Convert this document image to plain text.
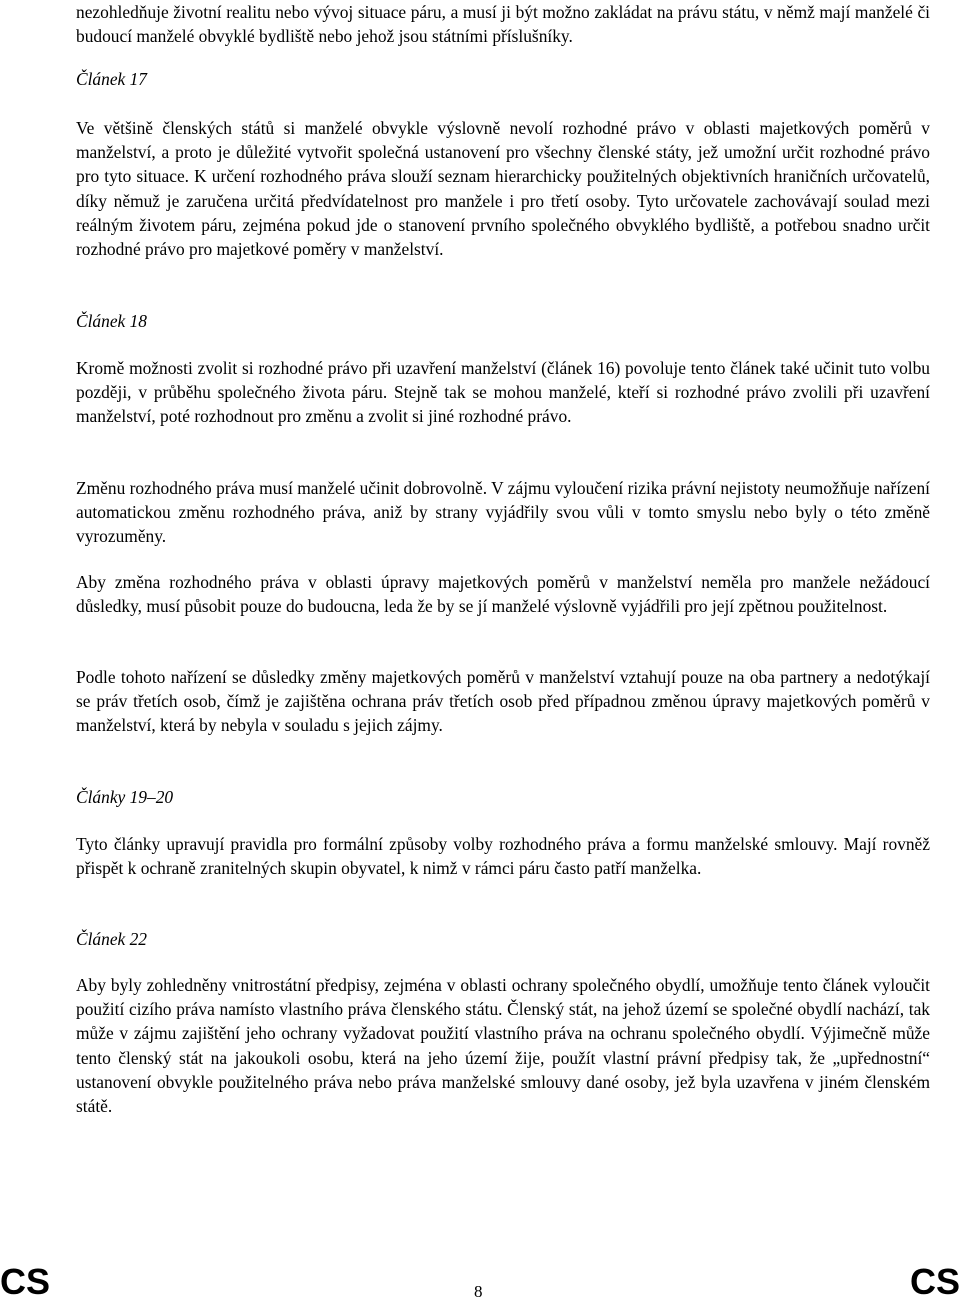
nezohledňuje životní realitu nebo vývoj situace páru, a musí ji být možno zakládat na právu státu, v němž mají manželé či budoucí manželé obvyklé bydliště nebo jehož jsou státními příslušníky.

Článek 17

Ve většině členských států si manželé obvykle výslovně nevolí rozhodné právo v oblasti majetkových poměrů v manželství, a proto je důležité vytvořit společná ustanovení pro všechny členské státy, jež umožní určit rozhodné právo pro tyto situace. K určení rozhodného práva slouží seznam hierarchicky použitelných objektivních hraničních určovatelů, díky němuž je zaručena určitá předvídatelnost pro manžele i pro třetí osoby. Tyto určovatele zachovávají soulad mezi reálným životem páru, zejména pokud jde o stanovení prvního společného obvyklého bydliště, a potřebou snadno určit rozhodné právo pro majetkové poměry v manželství.

Článek 18

Kromě možnosti zvolit si rozhodné právo při uzavření manželství (článek 16) povoluje tento článek také učinit tuto volbu později, v průběhu společného života páru. Stejně tak se mohou manželé, kteří si rozhodné právo zvolili při uzavření manželství, poté rozhodnout pro změnu a zvolit si jiné rozhodné právo.

Změnu rozhodného práva musí manželé učinit dobrovolně. V zájmu vyloučení rizika právní nejistoty neumožňuje nařízení automatickou změnu rozhodného práva, aniž by strany vyjádřily svou vůli v tomto smyslu nebo byly o této změně vyrozuměny.

Aby změna rozhodného práva v oblasti úpravy majetkových poměrů v manželství neměla pro manžele nežádoucí důsledky, musí působit pouze do budoucna, leda že by se jí manželé výslovně vyjádřili pro její zpětnou použitelnost.

Podle tohoto nařízení se důsledky změny majetkových poměrů v manželství vztahují pouze na oba partnery a nedotýkají se práv třetích osob, čímž je zajištěna ochrana práv třetích osob před případnou změnou úpravy majetkových poměrů v manželství, která by nebyla v souladu s jejich zájmy.

Články 19–20

Tyto články upravují pravidla pro formální způsoby volby rozhodného práva a formu manželské smlouvy. Mají rovněž přispět k ochraně zranitelných skupin obyvatel, k nimž v rámci páru často patří manželka.

Článek 22

Aby byly zohledněny vnitrostátní předpisy, zejména v oblasti ochrany společného obydlí, umožňuje tento článek vyloučit použití cizího práva namísto vlastního práva členského státu. Členský stát, na jehož území se společné obydlí nachází, tak může v zájmu zajištění jeho ochrany vyžadovat použití vlastního práva na ochranu společného obydlí. Výjimečně může tento členský stát na jakoukoli osobu, která na jeho území žije, použít vlastní právní předpisy tak, že „upřednostní“ ustanovení obvykle použitelného práva nebo práva manželské smlouvy dané osoby, jež byla uzavřena v jiném členském státě.

CS	8	CS
